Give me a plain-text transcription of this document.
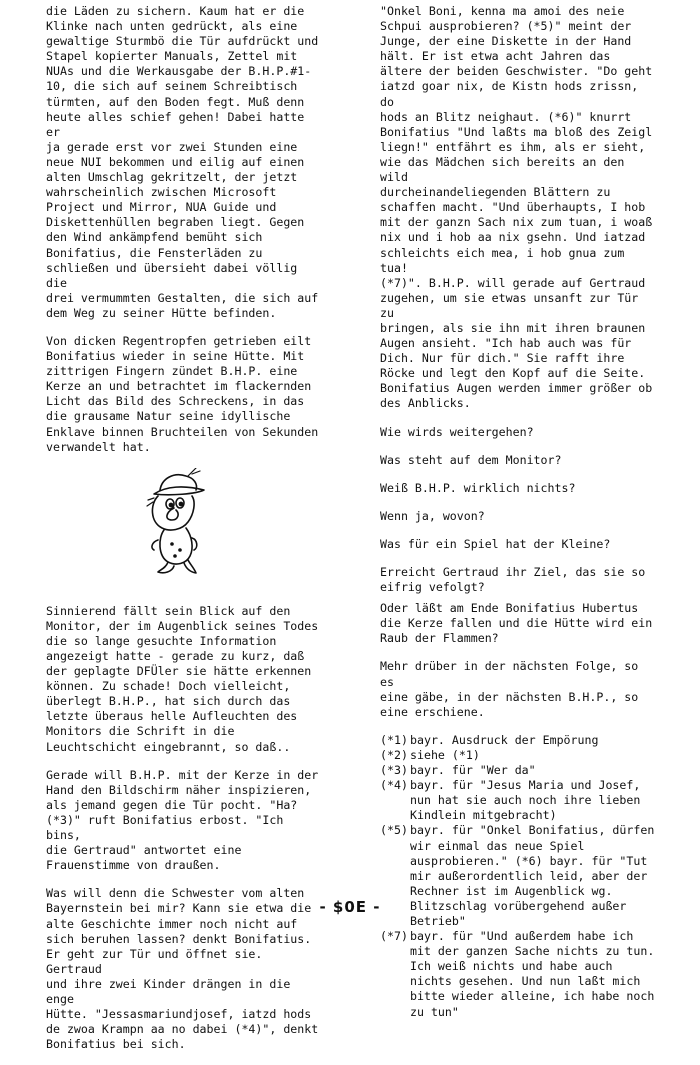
die Läden zu sichern. Kaum hat er die
Klinke nach unten gedrückt, als eine
gewaltige Sturmbö die Tür aufdrückt und
Stapel kopierter Manuals, Zettel mit
NUAs und die Werkausgabe der B.H.P.#1-
10, die sich auf seinem Schreibtisch
türmten, auf den Boden fegt. Muß denn
heute alles schief gehen! Dabei hatte er
ja gerade erst vor zwei Stunden eine
neue NUI bekommen und eilig auf einen
alten Umschlag gekritzelt, der jetzt
wahrscheinlich zwischen Microsoft
Project und Mirror, NUA Guide und
Diskettenhüllen begraben liegt. Gegen
den Wind ankämpfend bemüht sich
Bonifatius, die Fensterläden zu
schließen und übersieht dabei völlig die
drei vermummten Gestalten, die sich auf
dem Weg zu seiner Hütte befinden.

Von dicken Regentropfen getrieben eilt
Bonifatius wieder in seine Hütte. Mit
zittrigen Fingern zündet B.H.P. eine
Kerze an und betrachtet im flackernden
Licht das Bild des Schreckens, in das
die grausame Natur seine idyllische
Enklave binnen Bruchteilen von Sekunden
verwandelt hat.

Sinnierend fällt sein Blick auf den
Monitor, der im Augenblick seines Todes
die so lange gesuchte Information
angezeigt hatte - gerade zu kurz, daß
der geplagte DFÜler sie hätte erkennen
können. Zu schade! Doch vielleicht,
überlegt B.H.P., hat sich durch das
letzte überaus helle Aufleuchten des
Monitors die Schrift in die
Leuchtschicht eingebrannt, so daß..

Gerade will B.H.P. mit der Kerze in der
Hand den Bildschirm näher inspizieren,
als jemand gegen die Tür pocht. "Ha?
(*3)" ruft Bonifatius erbost. "Ich bins,
die Gertraud" antwortet eine
Frauenstimme von draußen.

Was will denn die Schwester vom alten
Bayernstein bei mir? Kann sie etwa die
alte Geschichte immer noch nicht auf
sich beruhen lassen? denkt Bonifatius.
Er geht zur Tür und öffnet sie. Gertraud
und ihre zwei Kinder drängen in die enge
Hütte. "Jessasmariundjosef, iatzd hods
de zwoa Krampn aa no dabei (*4)", denkt
Bonifatius bei sich.

"Onkel Boni, kenna ma amoi des neie
Schpui ausprobieren? (*5)" meint der
Junge, der eine Diskette in der Hand
hält. Er ist etwa acht Jahren das
ältere der beiden Geschwister. "Do geht
iatzd goar nix, de Kistn hods zrissn, do
hods an Blitz neighaut. (*6)" knurrt
Bonifatius "Und laßts ma bloß des Zeigl
liegn!" entfährt es ihm, als er sieht,
wie das Mädchen sich bereits an den wild
durcheinandeliegenden Blättern zu
schaffen macht. "Und überhaupts, I hob
mit der ganzn Sach nix zum tuan, i woaß
nix und i hob aa nix gsehn. Und iatzad
schleichts eich mea, i hob gnua zum tua!
(*7)". B.H.P. will gerade auf Gertraud
zugehen, um sie etwas unsanft zur Tür zu
bringen, als sie ihn mit ihren braunen
Augen ansieht. "Ich hab auch was für
Dich. Nur für dich." Sie rafft ihre
Röcke und legt den Kopf auf die Seite.
Bonifatius Augen werden immer größer ob
des Anblicks.

Wie wirds weitergehen?

Was steht auf dem Monitor?

Weiß B.H.P. wirklich nichts?

Wenn ja, wovon?

Was für ein Spiel hat der Kleine?

Erreicht Gertraud ihr Ziel, das sie so
eifrig vefolgt?

Oder läßt am Ende Bonifatius Hubertus
die Kerze fallen und die Hütte wird ein
Raub der Flammen?

Mehr drüber in der nächsten Folge, so es
eine gäbe, in der nächsten B.H.P., so
eine erschiene.

(*1) bayr. Ausdruck der Empörung
(*2) siehe (*1)
(*3) bayr. für "Wer da"
(*4) bayr. für "Jesus Maria und Josef,
nun hat sie auch noch ihre lieben
Kindlein mitgebracht)
(*5) bayr. für "Onkel Bonifatius, dürfen
wir einmal das neue Spiel
ausprobieren." (*6) bayr. für "Tut
mir außerordentlich leid, aber der
Rechner ist im Augenblick wg.
Blitzschlag vorübergehend außer
Betrieb"
(*7) bayr. für "Und außerdem habe ich
mit der ganzen Sache nichts zu tun.
Ich weiß nichts und habe auch
nichts gesehen. Und nun laßt mich
bitte wieder alleine, ich habe noch
zu tun"
- $0E -
